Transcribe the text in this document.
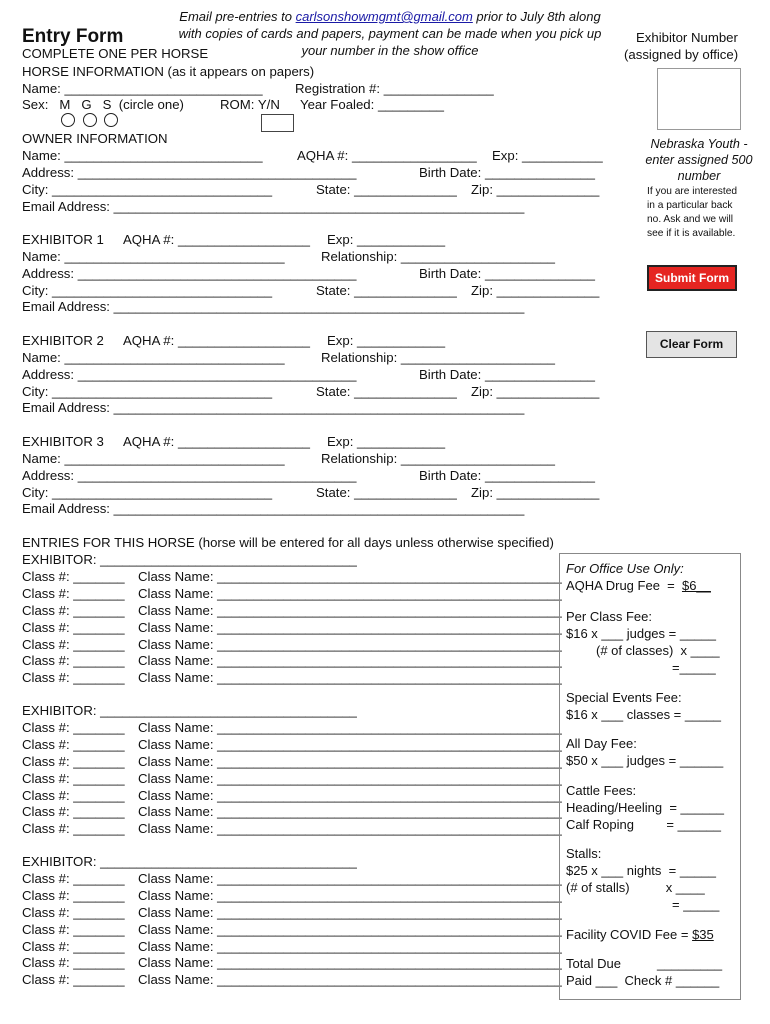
Entry Form
Email pre-entries to carlsonshowmgmt@gmail.com prior to July 8th along
with copies of cards and papers, payment can be made when you pick up
your number in the show office
COMPLETE ONE PER HORSE
Exhibitor Number
(assigned by office)
Nebraska Youth -
enter assigned 500
number
If you are interested
in a particular back
no. Ask and we will
see if it is available.
Submit Form
Clear Form
HORSE INFORMATION (as it appears on papers)
Name: ___________________________ Registration #: _______________
Sex:   M   G   S  (circle one)	ROM: Y/N Year Foaled: _________
OWNER INFORMATION
Name: ___________________________	AQHA #: _________________ Exp: ___________
Address: ______________________________________	Birth Date: _______________
City: ______________________________	State: ______________ Zip: ______________
Email Address: ________________________________________________________
EXHIBITOR 1 AQHA #: __________________ Exp: ____________
Name: ______________________________	Relationship: _____________________
Address: ______________________________________	Birth Date: _______________
City: ______________________________	State: ______________ Zip: ______________
Email Address: ________________________________________________________
EXHIBITOR 2 AQHA #: __________________ Exp: ____________
Name: ______________________________	Relationship: _____________________
Address: ______________________________________	Birth Date: _______________
City: ______________________________	State: ______________ Zip: ______________
Email Address: ________________________________________________________
EXHIBITOR 3 AQHA #: __________________ Exp: ____________
Name: ______________________________	Relationship: _____________________
Address: ______________________________________	Birth Date: _______________
City: ______________________________	State: ______________ Zip: ______________
Email Address: ________________________________________________________
ENTRIES FOR THIS HORSE (horse will be entered for all days unless otherwise specified)
EXHIBITOR: ___________________________________
Class #: _______ Class Name: _______________________________________________
Class #: _______ Class Name: _______________________________________________
Class #: _______ Class Name: _______________________________________________
Class #: _______ Class Name: _______________________________________________
Class #: _______ Class Name: _______________________________________________
Class #: _______ Class Name: _______________________________________________
Class #: _______ Class Name: _______________________________________________
EXHIBITOR: ___________________________________
Class #: _______ Class Name: _______________________________________________
Class #: _______ Class Name: _______________________________________________
Class #: _______ Class Name: _______________________________________________
Class #: _______ Class Name: _______________________________________________
Class #: _______ Class Name: _______________________________________________
Class #: _______ Class Name: _______________________________________________
Class #: _______ Class Name: _______________________________________________
EXHIBITOR: ___________________________________
Class #: _______ Class Name: _______________________________________________
Class #: _______ Class Name: _______________________________________________
Class #: _______ Class Name: _______________________________________________
Class #: _______ Class Name: _______________________________________________
Class #: _______ Class Name: _______________________________________________
Class #: _______ Class Name: _______________________________________________
Class #: _______ Class Name: _______________________________________________
For Office Use Only:
AQHA Drug Fee  =  $6__
Per Class Fee:
$16 x ___ judges = _____
(# of classes)  x ____
=_____
Special Events Fee:
$16 x ___ classes = _____
All Day Fee:
$50 x ___ judges = ______
Cattle Fees:
Heading/Heeling  = ______
Calf Roping         = ______
Stalls:
$25 x ___ nights  = _____
(# of stalls)          x ____
= _____
Facility COVID Fee = $35
Total Due          _________
Paid ___  Check # ______
